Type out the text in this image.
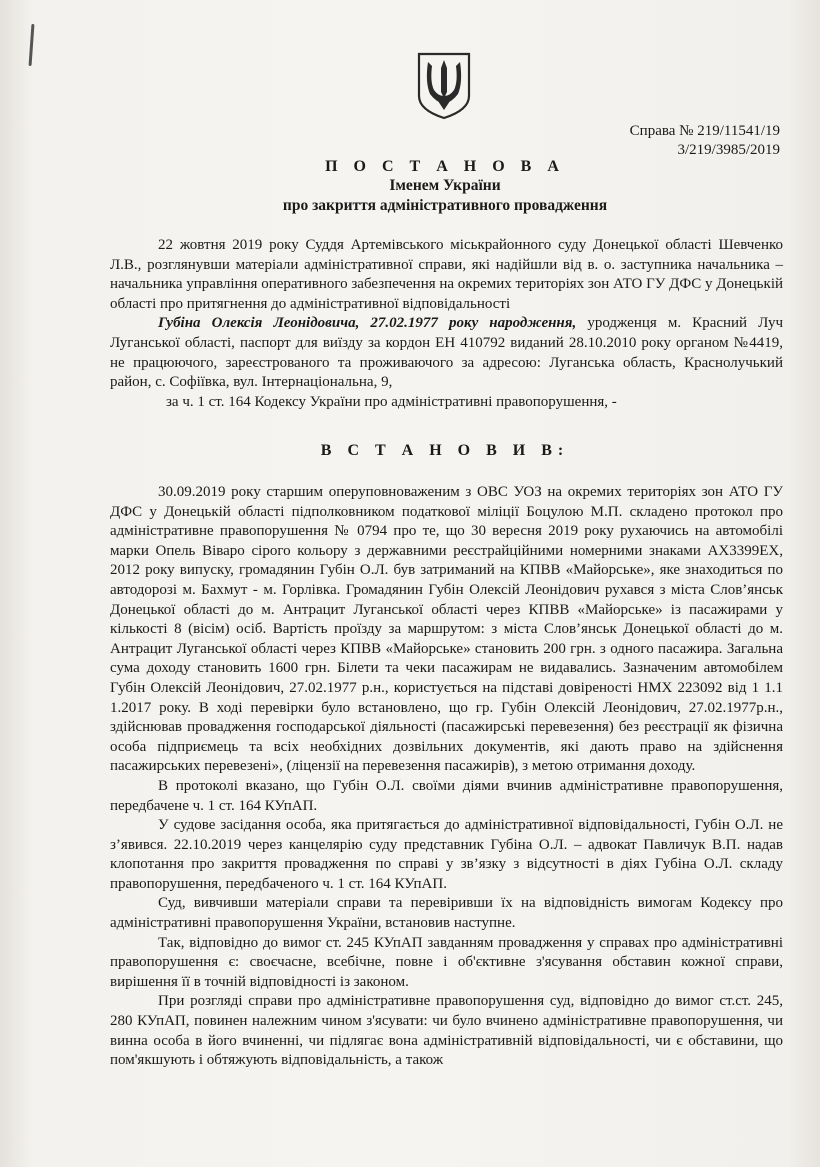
Справа № 219/11541/19
3/219/3985/2019
П О С Т А Н О В А
Іменем України
про закриття адміністративного провадження

22 жовтня 2019 року Суддя Артемівського міськрайонного суду Донецької області Шевченко Л.В., розглянувши матеріали адміністративної справи, які надійшли від в. о. заступника начальника – начальника управління оперативного забезпечення на окремих територіях зон АТО ГУ ДФС у Донецькій області про притягнення до адміністративної відповідальності

Губіна Олексія Леонідовича, 27.02.1977 року народження, уродженця м. Красний Луч Луганської області, паспорт для виїзду за кордон ЕН 410792 виданий 28.10.2010 року органом №4419, не працюючого, зареєстрованого та проживаючого за адресою: Луганська область, Краснолучький район, с. Софіївка, вул. Інтернаціональна, 9,

за ч. 1 ст. 164 Кодексу України про адміністративні правопорушення, -

В С Т А Н О В И В:

30.09.2019 року старшим оперуповноваженим з ОВС УОЗ на окремих територіях зон АТО ГУ ДФС у Донецькій області підполковником податкової міліції Боцулою М.П. складено протокол про адміністративне правопорушення № 0794 про те, що 30 вересня 2019 року рухаючись на автомобілі марки Опель Віваро сірого кольору з державними реєстрайційними номерними знаками АХ3399ЕХ, 2012 року випуску, громадянин Губін О.Л. був затриманий на КПВВ «Майорське», яке знаходиться по автодорозі м. Бахмут - м. Горлівка. Громадянин Губін Олексій Леонідович рухався з міста Слов’янськ Донецької області до м. Антрацит Луганської області через КПВВ «Майорське» із пасажирами у кількості 8 (вісім) осіб. Вартість проїзду за маршрутом: з міста Слов’янськ Донецької області до м. Антрацит Луганської області через КПВВ «Майорське» становить 200 грн. з одного пасажира. Загальна сума доходу становить 1600 грн. Білети та чеки пасажирам не видавались. Зазначеним автомобілем Губін Олексій Леонідович, 27.02.1977 р.н., користується на підставі довіреності НМХ 223092 від 1 1.1 1.2017 року. В ході перевірки було встановлено, що гр. Губін Олексій Леонідович, 27.02.1977р.н., здійснював провадження господарської діяльності (пасажирські перевезення) без реєстрації як фізична особа підприємець та всіх необхідних дозвільних документів, які дають право на здійснення пасажирських перевезені», (ліцензії на перевезення пасажирів), з метою отримання доходу.

В протоколі вказано, що Губін О.Л. своїми діями вчинив адміністративне правопорушення, передбачене ч. 1 ст. 164 КУпАП.

У судове засідання особа, яка притягається до адміністративної відповідальності, Губін О.Л. не з’явився. 22.10.2019 через канцелярію суду представник Губіна О.Л. – адвокат Павличук В.П. надав клопотання про закриття провадження по справі у зв’язку з відсутності в діях Губіна О.Л. складу правопорушення, передбаченого ч. 1 ст. 164 КУпАП.

Суд, вивчивши матеріали справи та перевіривши їх на відповідність вимогам Кодексу про адміністративні правопорушення України, встановив наступне.

Так, відповідно до вимог ст. 245 КУпАП завданням провадження у справах про адміністративні правопорушення є: своєчасне, всебічне, повне і об'єктивне з'ясування обставин кожної справи, вирішення її в точній відповідності із законом.

При розгляді справи про адміністративне правопорушення суд, відповідно до вимог ст.ст. 245, 280 КУпАП, повинен належним чином з'ясувати: чи було вчинено адміністративне правопорушення, чи винна особа в його вчиненні, чи підлягає вона адміністративній відповідальності, чи є обставини, що пом'якшують і обтяжують відповідальність, а також
